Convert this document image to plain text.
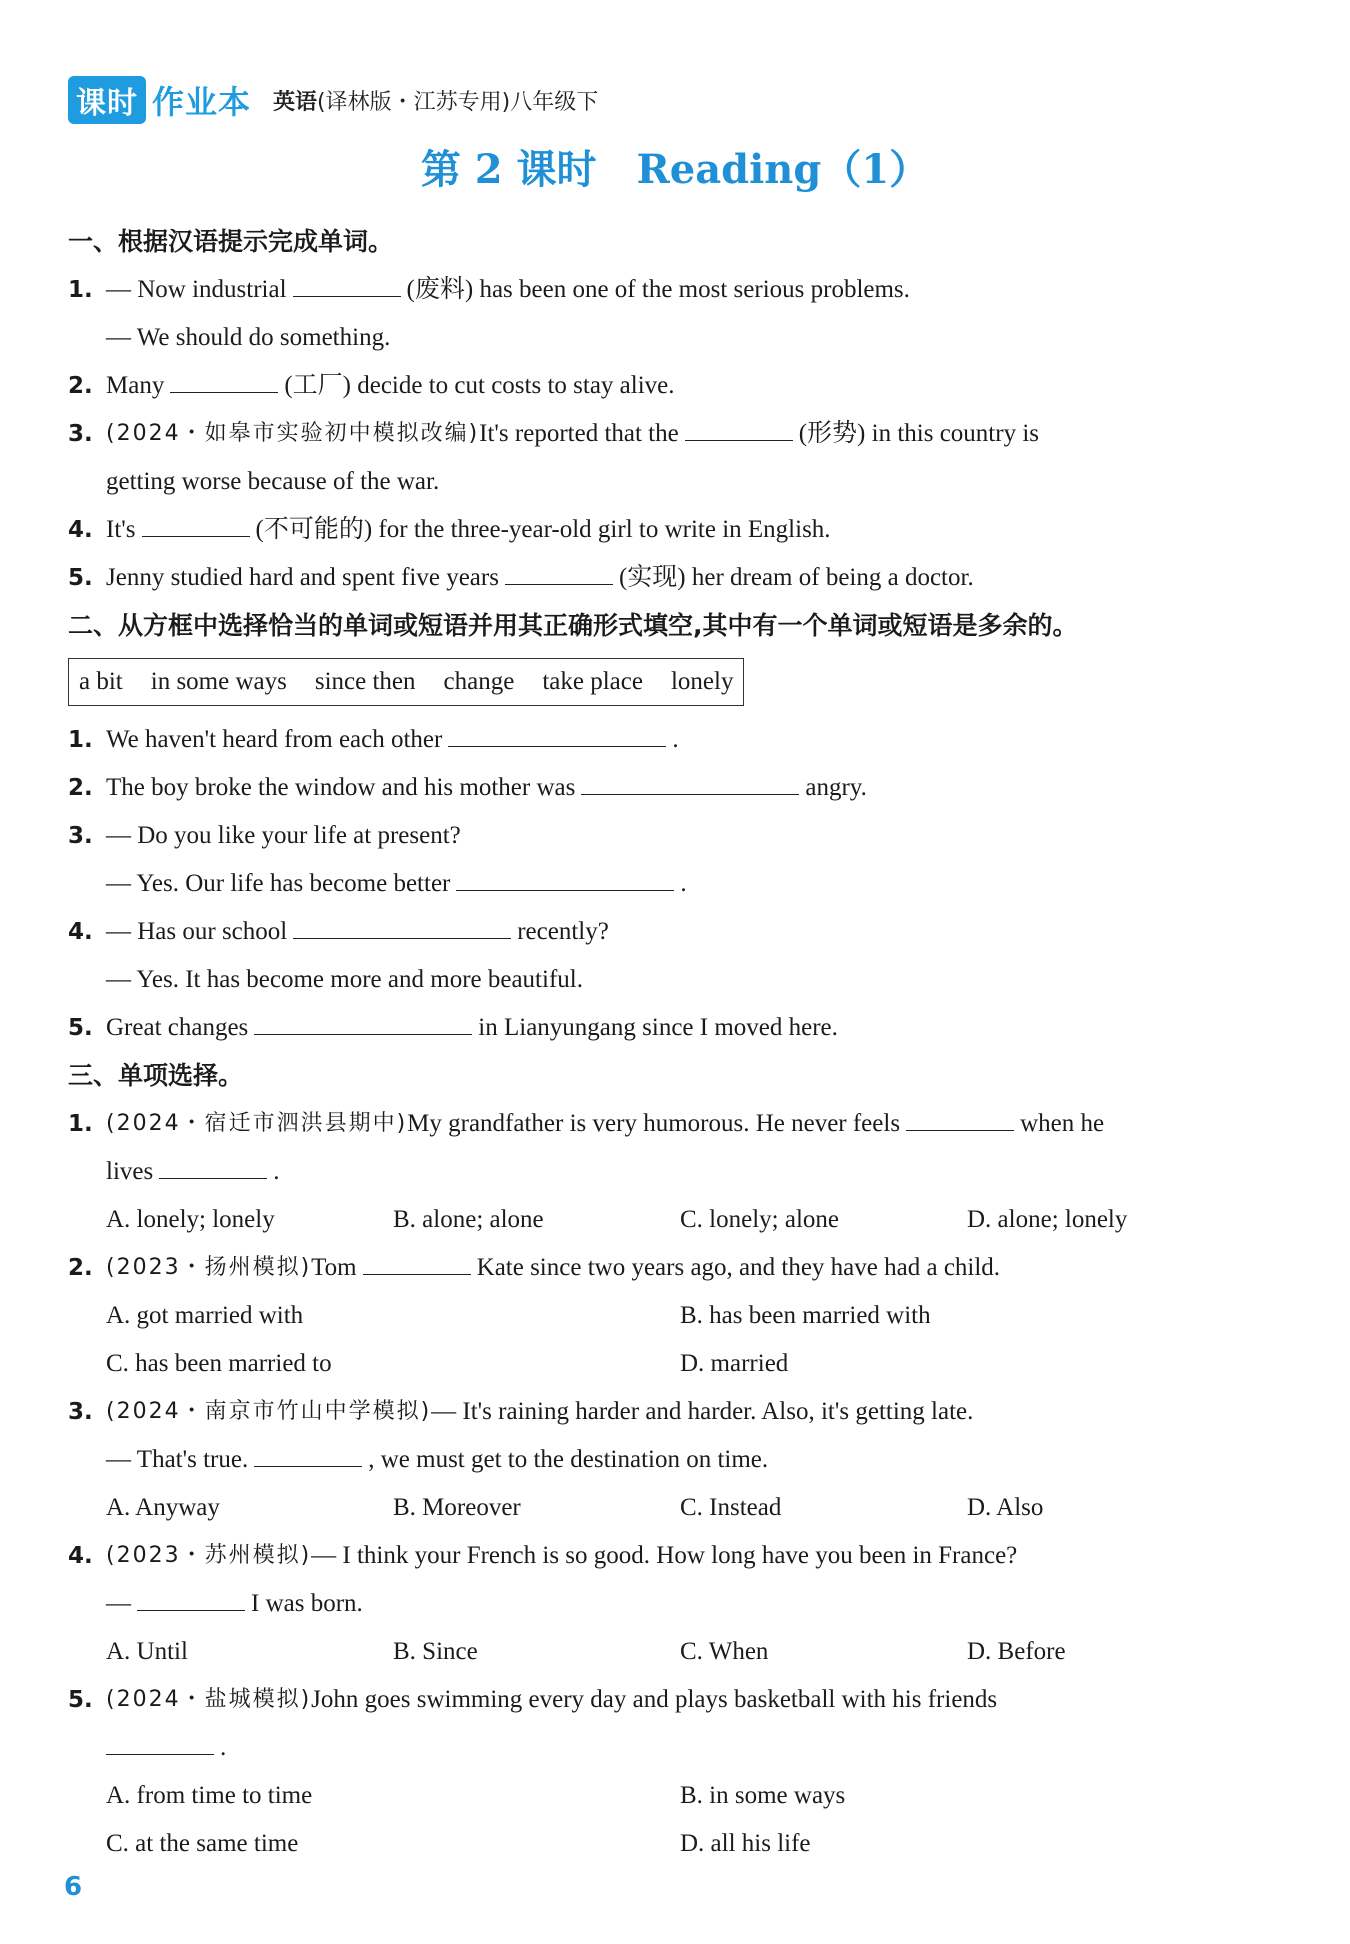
课时 作业本 英语(译林版・江苏专用)八年级下
第 2 课时 Reading（1）
一、根据汉语提示完成单词。
1. — Now industrial	(废料) has been one of the most serious problems.
— We should do something.
2. Many	(工厂) decide to cut costs to stay alive.
3. (2024・如皋市实验初中模拟改编) It's reported that the	(形势) in this country is
getting worse because of the war.
4. It's	(不可能的) for the three-year-old girl to write in English.
5. Jenny studied hard and spent five years	(实现) her dream of being a doctor.
二、从方框中选择恰当的单词或短语并用其正确形式填空,其中有一个单词或短语是多余的。
a bit in some ways since then change take place lonely
1. We haven't heard from each other	.
2. The boy broke the window and his mother was	angry.
3. — Do you like your life at present?
— Yes. Our life has become better	.
4. — Has our school	recently?
— Yes. It has become more and more beautiful.
5. Great changes	in Lianyungang since I moved here.
三、单项选择。
1. (2024・宿迁市泗洪县期中) My grandfather is very humorous. He never feels	when he
lives	.
A. lonely; lonely	B. alone; alone	C. lonely; alone	D. alone; lonely
2. (2023・扬州模拟) Tom	Kate since two years ago, and they have had a child.
A. got married with	B. has been married with
C. has been married to	D. married
3. (2024・南京市竹山中学模拟) — It's raining harder and harder. Also, it's getting late.
— That's true.	, we must get to the destination on time.
A. Anyway	B. Moreover	C. Instead	D. Also
4. (2023・苏州模拟) — I think your French is so good. How long have you been in France?
—	I was born.
A. Until	B. Since	C. When	D. Before
5. (2024・盐城模拟) John goes swimming every day and plays basketball with his friends
.
A. from time to time	B. in some ways
C. at the same time	D. all his life
6
